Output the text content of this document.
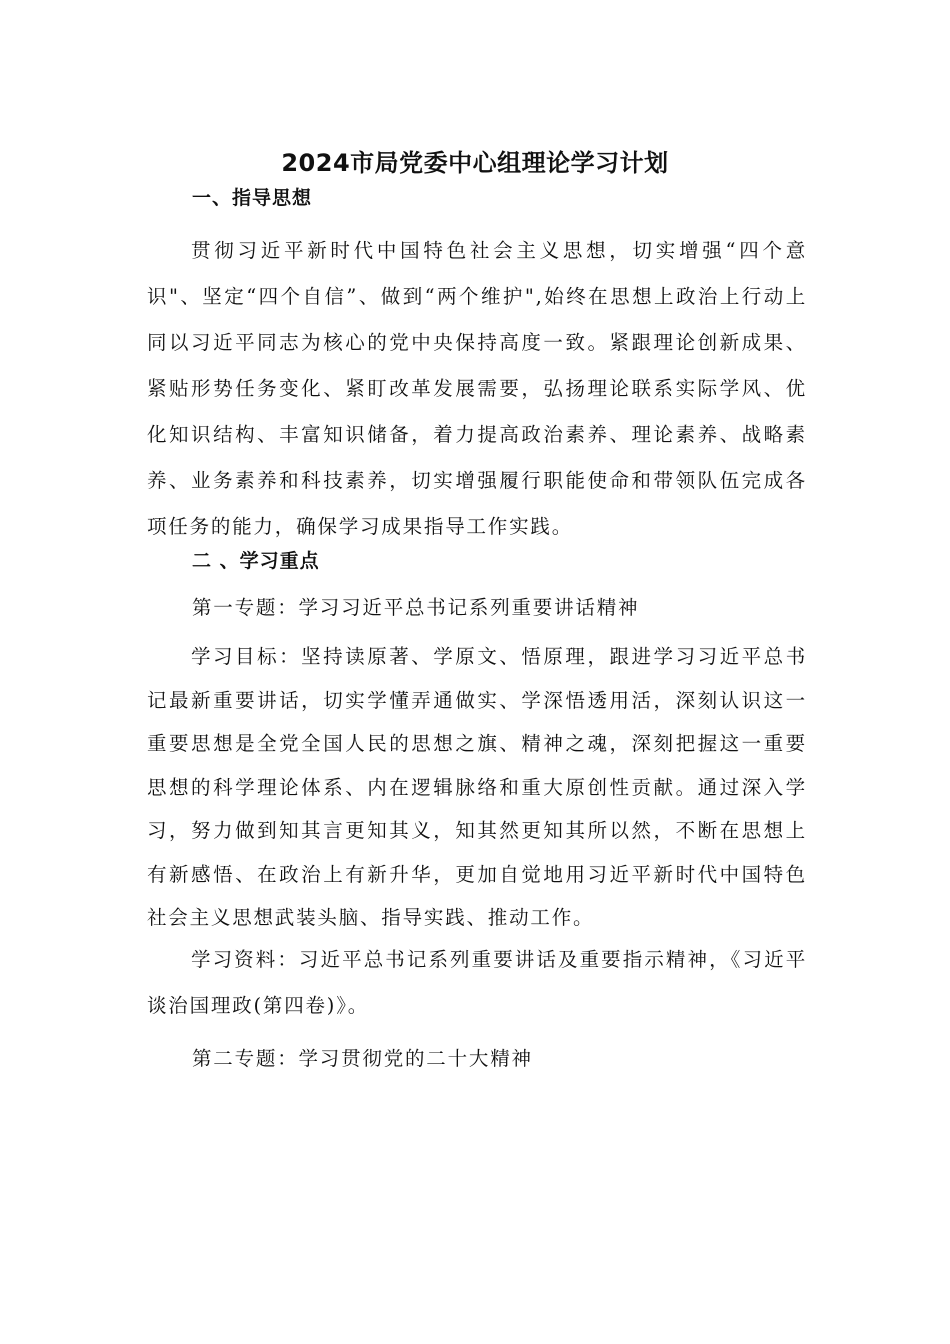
2024市局党委中心组理论学习计划
一、指导思想

贯彻习近平新时代中国特色社会主义思想，切实增强“四个意识"、坚定“四个自信”、做到“两个维护",始终在思想上政治上行动上同以习近平同志为核心的党中央保持高度一致。紧跟理论创新成果、紧贴形势任务变化、紧盯改革发展需要，弘扬理论联系实际学风、优化知识结构、丰富知识储备，着力提高政治素养、理论素养、战略素养、业务素养和科技素养，切实增强履行职能使命和带领队伍完成各项任务的能力，确保学习成果指导工作实践。

二 、学习重点
第一专题：学习习近平总书记系列重要讲话精神

学习目标：坚持读原著、学原文、悟原理，跟进学习习近平总书记最新重要讲话，切实学懂弄通做实、学深悟透用活，深刻认识这一重要思想是全党全国人民的思想之旗、精神之魂，深刻把握这一重要思想的科学理论体系、内在逻辑脉络和重大原创性贡献。通过深入学习，努力做到知其言更知其义，知其然更知其所以然，不断在思想上有新感悟、在政治上有新升华，更加自觉地用习近平新时代中国特色社会主义思想武装头脑、指导实践、推动工作。

学习资料：习近平总书记系列重要讲话及重要指示精神，《习近平谈治国理政(第四卷)》。

第二专题：学习贯彻党的二十大精神
